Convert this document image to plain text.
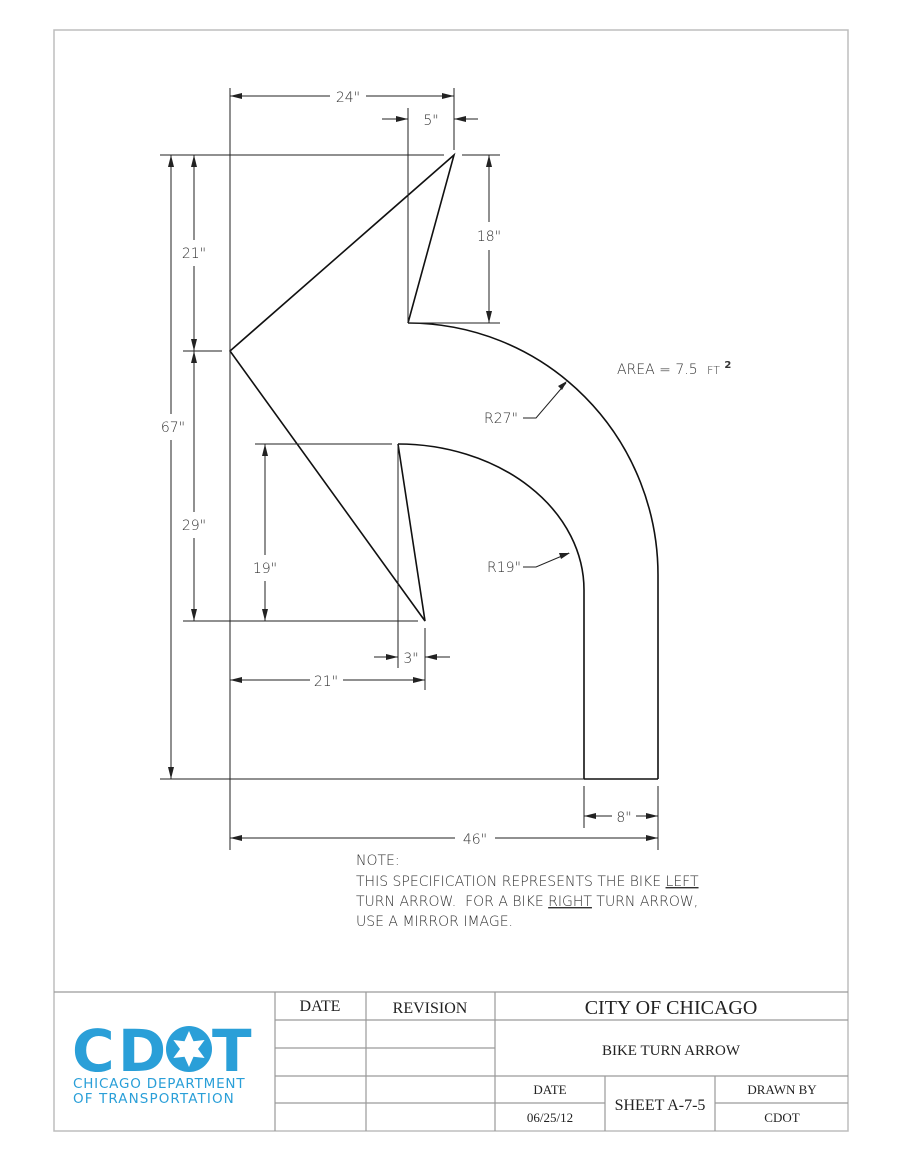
24"
5"
18"
21"
67"
29"
19"
3"
21"
8"
46"
R27"
R19"
AREA = 7.5 FT $^2$
NOTE:
THIS SPECIFICATION REPRESENTS THE BIKE LEFT
TURN ARROW.  FOR A BIKE RIGHT TURN ARROW,
USE A MIRROR IMAGE.
DATE	REVISION	CITY OF CHICAGO
BIKE TURN ARROW
DATE
06/25/12
SHEET A-7-5
DRAWN BY
CDOT
C D T
CHICAGO DEPARTMENT
OF TRANSPORTATION
